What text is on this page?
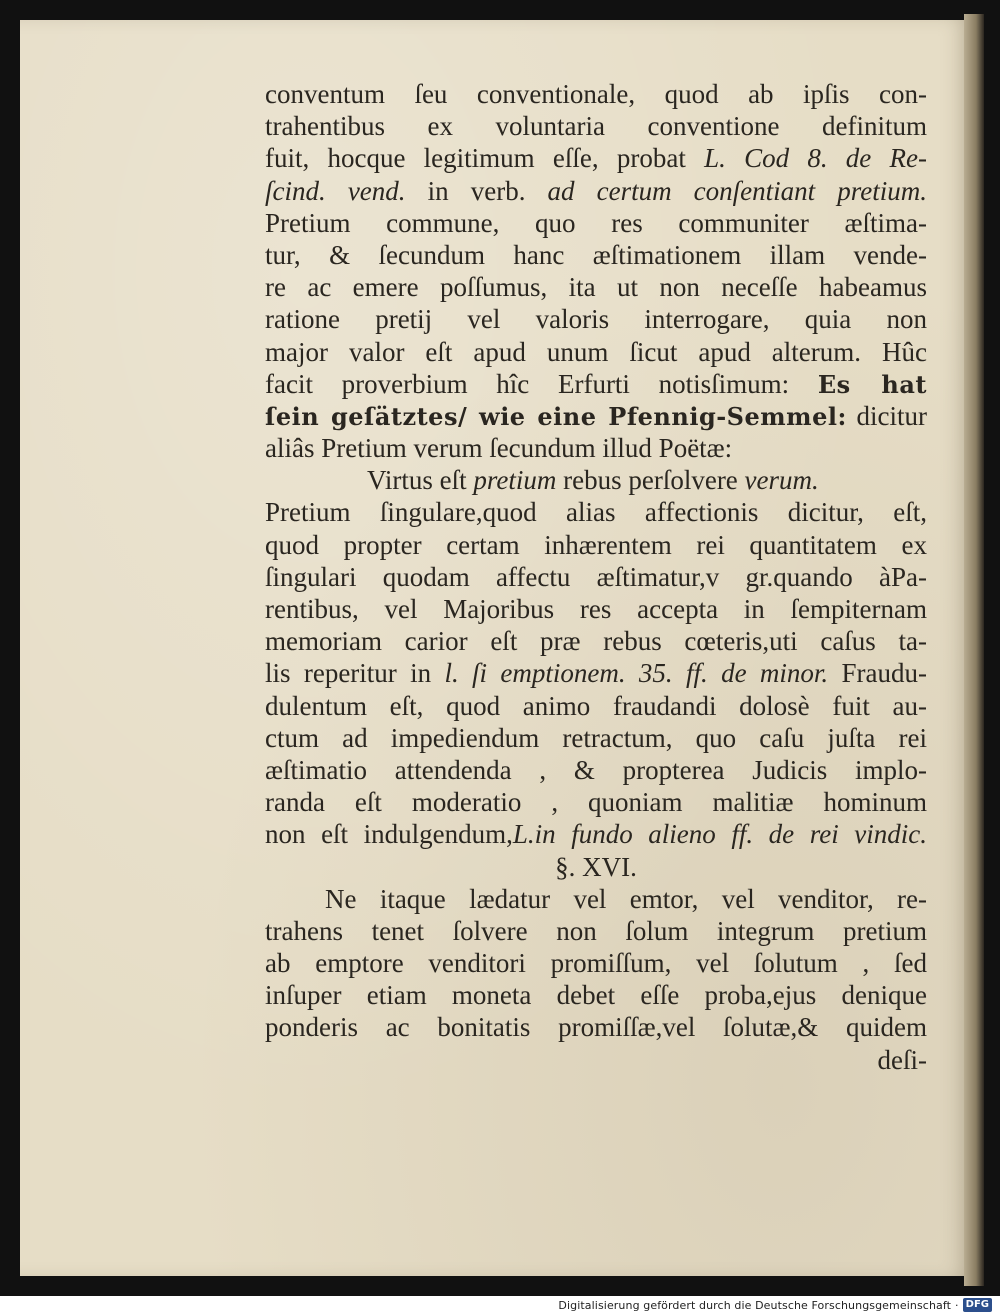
conventum ſeu conventionale, quod ab ipſis con-
trahentibus ex voluntaria conventione definitum
fuit, hocque legitimum eſſe, probat L. Cod 8. de Re-
ſcind. vend. in verb. ad certum conſentiant pretium.
Pretium commune, quo res communiter æſtima-
tur, & ſecundum hanc æſtimationem illam vende-
re ac emere poſſumus, ita ut non neceſſe habeamus
ratione pretij vel valoris interrogare, quia non
major valor eſt apud unum ſicut apud alterum. Hûc
facit proverbium hîc Erfurti notisſimum: Es hat
ſein geſätztes/ wie eine Pfennig-Semmel: dicitur
aliâs Pretium verum ſecundum illud Poëtæ:
Virtus eſt pretium rebus perſolvere verum.
Pretium ſingulare,quod alias affectionis dicitur, eſt,
quod propter certam inhærentem rei quantitatem ex
ſingulari quodam affectu æſtimatur,v gr.quando àPa-
rentibus, vel Majoribus res accepta in ſempiternam
memoriam carior eſt præ rebus cœteris,uti caſus ta-
lis reperitur in l. ſi emptionem. 35. ff. de minor. Fraudu-
dulentum eſt, quod animo fraudandi dolosè fuit au-
ctum ad impediendum retractum, quo caſu juſta rei
æſtimatio attendenda , & propterea Judicis implo-
randa eſt moderatio , quoniam malitiæ hominum
non eſt indulgendum,L.in fundo alieno ff. de rei vindic.
§. XVI.
Ne itaque lædatur vel emtor, vel venditor, re-
trahens tenet ſolvere non ſolum integrum pretium
ab emptore venditori promiſſum, vel ſolutum , ſed
inſuper etiam moneta debet eſſe proba,ejus denique
ponderis ac bonitatis promiſſæ,vel ſolutæ,& quidem
deſi-
Digitalisierung gefördert durch die Deutsche Forschungsgemeinschaft · DFG
